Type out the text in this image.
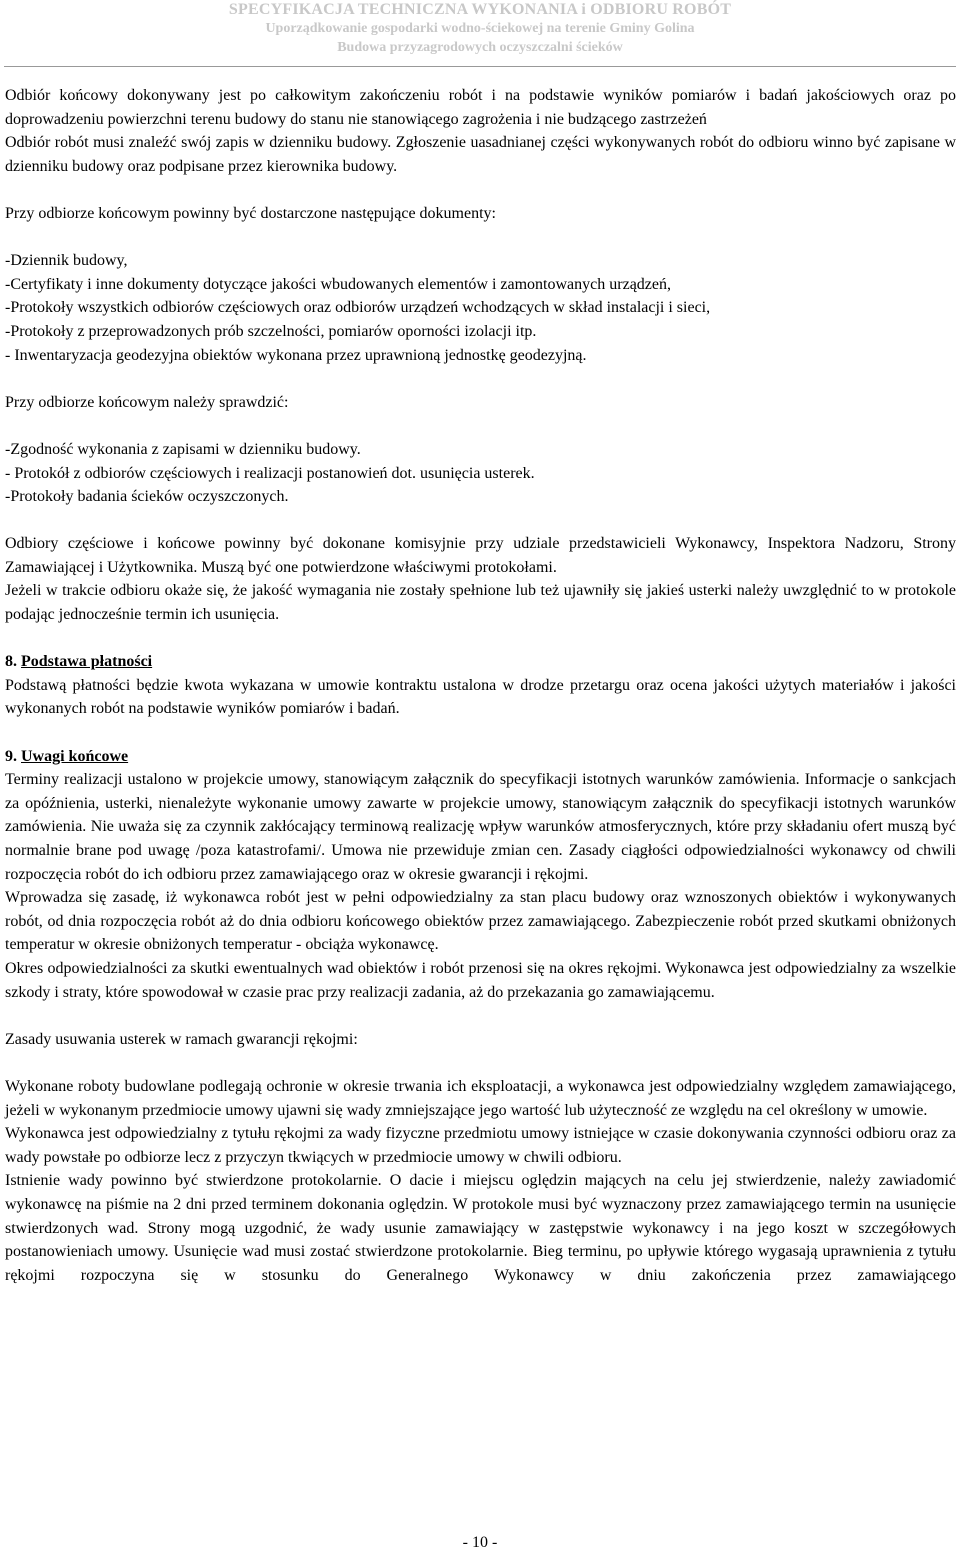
SPECYFIKACJA TECHNICZNA WYKONANIA i ODBIORU ROBÓT
Uporządkowanie gospodarki wodno-ściekowej na terenie Gminy Golina
Budowa przyzagrodowych oczyszczalni ścieków

Odbiór końcowy dokonywany jest po całkowitym zakończeniu robót i na podstawie wyników pomiarów i badań jakościowych oraz po doprowadzeniu powierzchni terenu budowy do stanu nie stanowiącego zagrożenia i nie budzącego zastrzeżeń

Odbiór robót musi znaleźć swój zapis w dzienniku budowy. Zgłoszenie uasadnianej części wykonywanych robót do odbioru winno być zapisane w dzienniku budowy oraz podpisane przez kierownika budowy.

Przy odbiorze końcowym powinny być dostarczone następujące dokumenty:

-Dziennik budowy,

-Certyfikaty i inne dokumenty dotyczące jakości wbudowanych elementów i zamontowanych urządzeń,

-Protokoły wszystkich odbiorów częściowych oraz odbiorów urządzeń wchodzących w skład instalacji i sieci,

-Protokoły z przeprowadzonych prób szczelności, pomiarów oporności izolacji itp.

- Inwentaryzacja geodezyjna obiektów wykonana przez uprawnioną jednostkę geodezyjną.

Przy odbiorze końcowym należy sprawdzić:

-Zgodność wykonania z zapisami w dzienniku budowy.

- Protokół z odbiorów częściowych i realizacji postanowień dot. usunięcia usterek.

-Protokoły badania ścieków oczyszczonych.

Odbiory częściowe i końcowe powinny być dokonane komisyjnie przy udziale przedstawicieli Wykonawcy, Inspektora Nadzoru, Strony Zamawiającej i Użytkownika. Muszą być one potwierdzone właściwymi protokołami.

Jeżeli w trakcie odbioru okaże się, że jakość wymagania nie zostały spełnione lub też ujawniły się jakieś usterki należy uwzględnić to w protokole podając jednocześnie termin ich usunięcia.

8. Podstawa płatności

Podstawą płatności będzie kwota wykazana w umowie kontraktu ustalona w drodze przetargu oraz ocena jakości użytych materiałów i jakości wykonanych robót na podstawie wyników pomiarów i badań.

9. Uwagi końcowe

Terminy realizacji ustalono w projekcie umowy, stanowiącym załącznik do specyfikacji istotnych warunków zamówienia. Informacje o sankcjach za opóźnienia, usterki, nienależyte wykonanie umowy zawarte w projekcie umowy, stanowiącym załącznik do specyfikacji istotnych warunków zamówienia. Nie uważa się za czynnik zakłócający terminową realizację wpływ warunków atmosferycznych, które przy składaniu ofert muszą być normalnie brane pod uwagę /poza katastrofami/. Umowa nie przewiduje zmian cen. Zasady ciągłości odpowiedzialności wykonawcy od chwili rozpoczęcia robót do ich odbioru przez zamawiającego oraz w okresie gwarancji i rękojmi.

Wprowadza się zasadę, iż wykonawca robót jest w pełni odpowiedzialny za stan placu budowy oraz wznoszonych obiektów i wykonywanych robót, od dnia rozpoczęcia robót aż do dnia odbioru końcowego obiektów przez zamawiającego. Zabezpieczenie robót przed skutkami obniżonych temperatur w okresie obniżonych temperatur - obciąża wykonawcę.

Okres odpowiedzialności za skutki ewentualnych wad obiektów i robót przenosi się na okres rękojmi. Wykonawca jest odpowiedzialny za wszelkie szkody i straty, które spowodował w czasie prac przy realizacji zadania, aż do przekazania go zamawiającemu.

Zasady usuwania usterek w ramach gwarancji rękojmi:

Wykonane roboty budowlane podlegają ochronie w okresie trwania ich eksploatacji, a wykonawca jest odpowiedzialny względem zamawiającego, jeżeli w wykonanym przedmiocie umowy ujawni się wady zmniejszające jego wartość lub użyteczność ze względu na cel określony w umowie.

Wykonawca jest odpowiedzialny z tytułu rękojmi za wady fizyczne przedmiotu umowy istniejące w czasie dokonywania czynności odbioru oraz za wady powstałe po odbiorze lecz z przyczyn tkwiących w przedmiocie umowy w chwili odbioru.

Istnienie wady powinno być stwierdzone protokolarnie. O dacie i miejscu oględzin mających na celu jej stwierdzenie, należy zawiadomić wykonawcę na piśmie na 2 dni przed terminem dokonania oględzin. W protokole musi być wyznaczony przez zamawiającego termin na usunięcie stwierdzonych wad. Strony mogą uzgodnić, że wady usunie zamawiający w zastępstwie wykonawcy i na jego koszt w szczegółowych postanowieniach umowy. Usunięcie wad musi zostać stwierdzone protokolarnie. Bieg terminu, po upływie którego wygasają uprawnienia z tytułu rękojmi rozpoczyna się w stosunku do Generalnego Wykonawcy w dniu zakończenia przez zamawiającego

- 10 -
